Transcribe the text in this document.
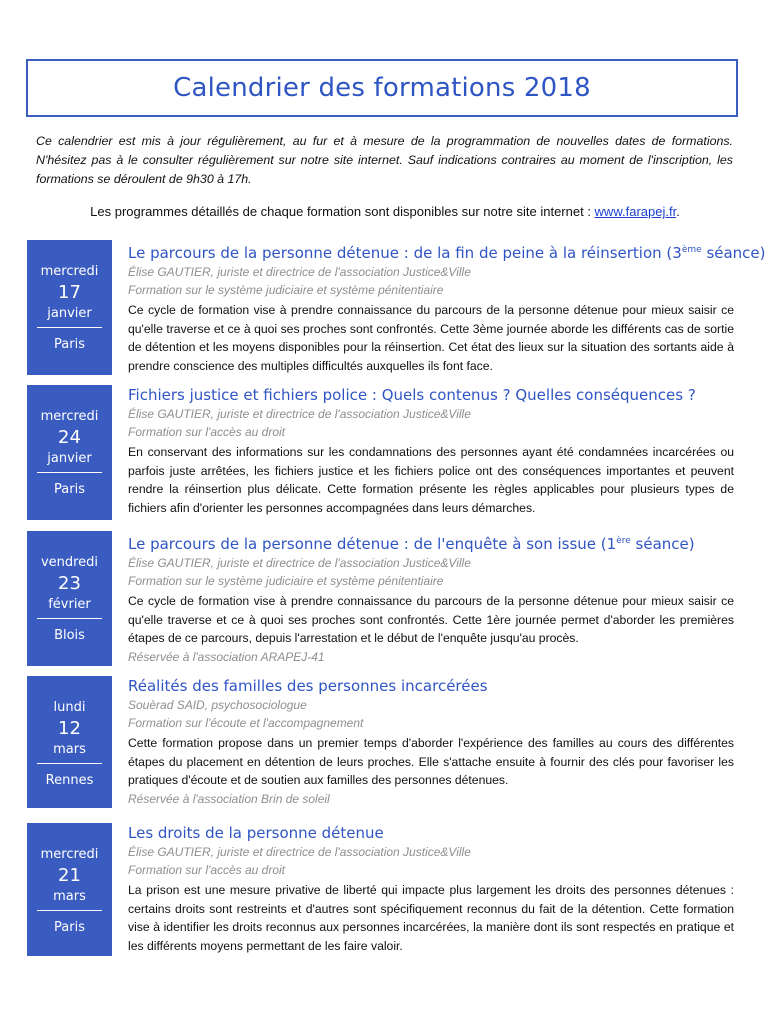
Calendrier des formations 2018

Ce calendrier est mis à jour régulièrement, au fur et à mesure de la programmation de nouvelles dates de formations. N'hésitez pas à le consulter régulièrement sur notre site internet. Sauf indications contraires au moment de l'inscription, les formations se déroulent de 9h30 à 17h.

Les programmes détaillés de chaque formation sont disponibles sur notre site internet : www.farapej.fr.
mercredi
17
janvier
Paris
Le parcours de la personne détenue : de la fin de peine à la réinsertion (3ème séance)
Élise GAUTIER, juriste et directrice de l'association Justice&Ville
Formation sur le système judiciaire et système pénitentiaire
Ce cycle de formation vise à prendre connaissance du parcours de la personne détenue pour mieux saisir ce qu'elle traverse et ce à quoi ses proches sont confrontés. Cette 3ème journée aborde les différents cas de sortie de détention et les moyens disponibles pour la réinsertion. Cet état des lieux sur la situation des sortants aide à prendre conscience des multiples difficultés auxquelles ils font face.
mercredi
24
janvier
Paris
Fichiers justice et fichiers police : Quels contenus ? Quelles conséquences ?
Élise GAUTIER, juriste et directrice de l'association Justice&Ville
Formation sur l'accès au droit
En conservant des informations sur les condamnations des personnes ayant été condamnées incarcérées ou parfois juste arrêtées, les fichiers justice et les fichiers police ont des conséquences importantes et peuvent rendre la réinsertion plus délicate. Cette formation présente les règles applicables pour plusieurs types de fichiers afin d'orienter les personnes accompagnées dans leurs démarches.
vendredi
23
février
Blois
Le parcours de la personne détenue : de l'enquête à son issue (1ère séance)
Élise GAUTIER, juriste et directrice de l'association Justice&Ville
Formation sur le système judiciaire et système pénitentiaire
Ce cycle de formation vise à prendre connaissance du parcours de la personne détenue pour mieux saisir ce qu'elle traverse et ce à quoi ses proches sont confrontés. Cette 1ère journée permet d'aborder les premières étapes de ce parcours, depuis l'arrestation et le début de l'enquête jusqu'au procès.
Réservée à l'association ARAPEJ-41
lundi
12
mars
Rennes
Réalités des familles des personnes incarcérées
Souèrad SAID, psychosociologue
Formation sur l'écoute et l'accompagnement
Cette formation propose dans un premier temps d'aborder l'expérience des familles au cours des différentes étapes du placement en détention de leurs proches. Elle s'attache ensuite à fournir des clés pour favoriser les pratiques d'écoute et de soutien aux familles des personnes détenues.
Réservée à l'association Brin de soleil
mercredi
21
mars
Paris
Les droits de la personne détenue
Élise GAUTIER, juriste et directrice de l'association Justice&Ville
Formation sur l'accès au droit
La prison est une mesure privative de liberté qui impacte plus largement les droits des personnes détenues : certains droits sont restreints et d'autres sont spécifiquement reconnus du fait de la détention. Cette formation vise à identifier les droits reconnus aux personnes incarcérées, la manière dont ils sont respectés en pratique et les différents moyens permettant de les faire valoir.
